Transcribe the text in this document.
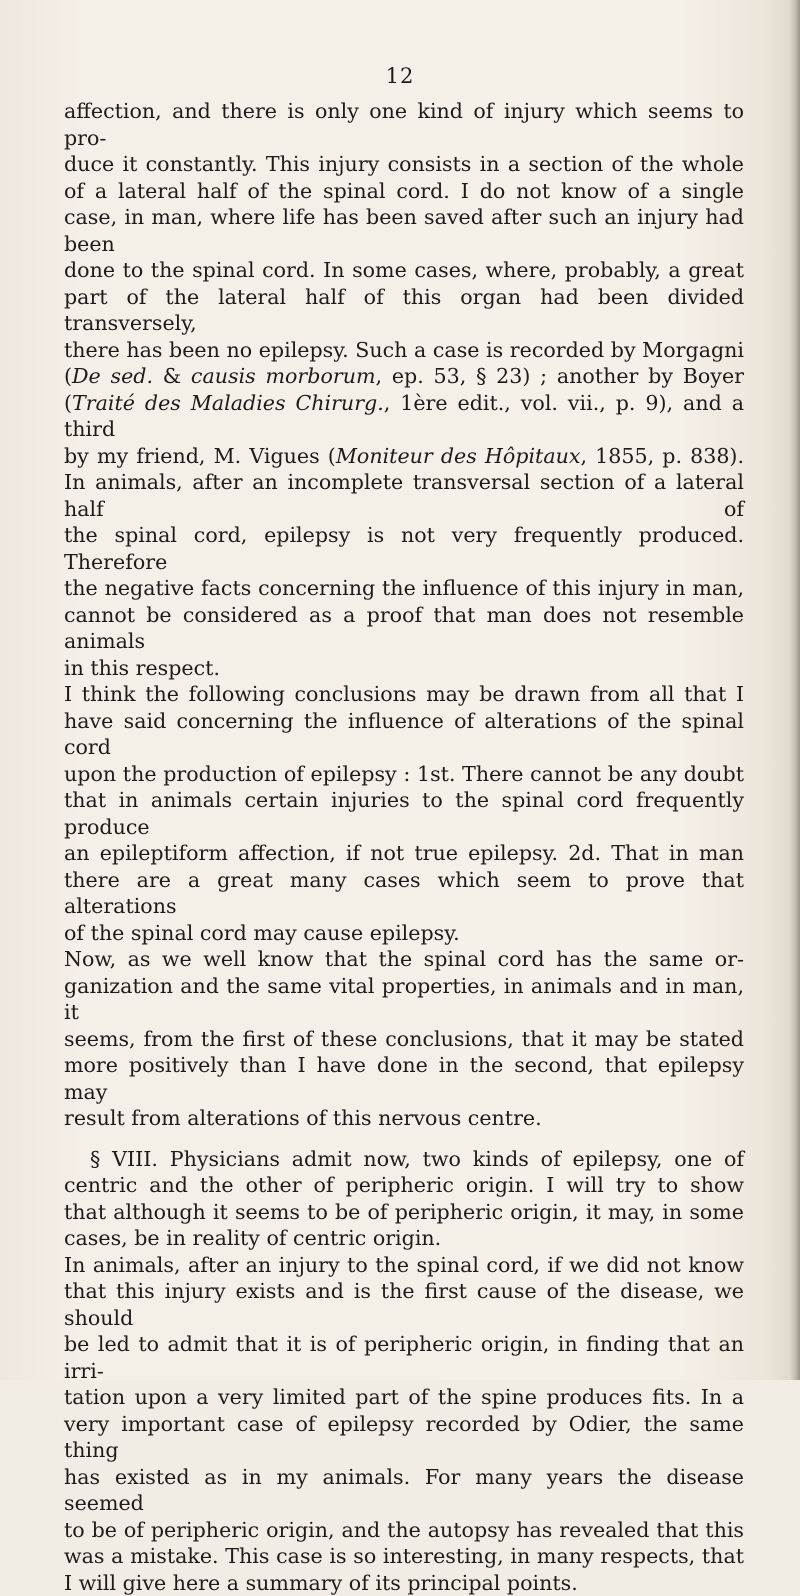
12
affection, and there is only one kind of injury which seems to pro-
duce it constantly. This injury consists in a section of the whole
of a lateral half of the spinal cord. I do not know of a single
case, in man, where life has been saved after such an injury had been
done to the spinal cord. In some cases, where, probably, a great
part of the lateral half of this organ had been divided transversely,
there has been no epilepsy. Such a case is recorded by Morgagni
(De sed. & causis morborum, ep. 53, § 23) ; another by Boyer
(Traité des Maladies Chirurg., 1ère edit., vol. vii., p. 9), and a third
by my friend, M. Vigues (Moniteur des Hôpitaux, 1855, p. 838).
In animals, after an incomplete transversal section of a lateral half of
the spinal cord, epilepsy is not very frequently produced. Therefore
the negative facts concerning the influence of this injury in man,
cannot be considered as a proof that man does not resemble animals
in this respect.
I think the following conclusions may be drawn from all that I
have said concerning the influence of alterations of the spinal cord
upon the production of epilepsy : 1st. There cannot be any doubt
that in animals certain injuries to the spinal cord frequently produce
an epileptiform affection, if not true epilepsy. 2d. That in man
there are a great many cases which seem to prove that alterations
of the spinal cord may cause epilepsy.
Now, as we well know that the spinal cord has the same or-
ganization and the same vital properties, in animals and in man, it
seems, from the first of these conclusions, that it may be stated
more positively than I have done in the second, that epilepsy may
result from alterations of this nervous centre.
§ VIII. Physicians admit now, two kinds of epilepsy, one of
centric and the other of peripheric origin. I will try to show
that although it seems to be of peripheric origin, it may, in some
cases, be in reality of centric origin.
In animals, after an injury to the spinal cord, if we did not know
that this injury exists and is the first cause of the disease, we should
be led to admit that it is of peripheric origin, in finding that an irri-
tation upon a very limited part of the spine produces fits. In a
very important case of epilepsy recorded by Odier, the same thing
has existed as in my animals. For many years the disease seemed
to be of peripheric origin, and the autopsy has revealed that this
was a mistake. This case is so interesting, in many respects, that
I will give here a summary of its principal points.
